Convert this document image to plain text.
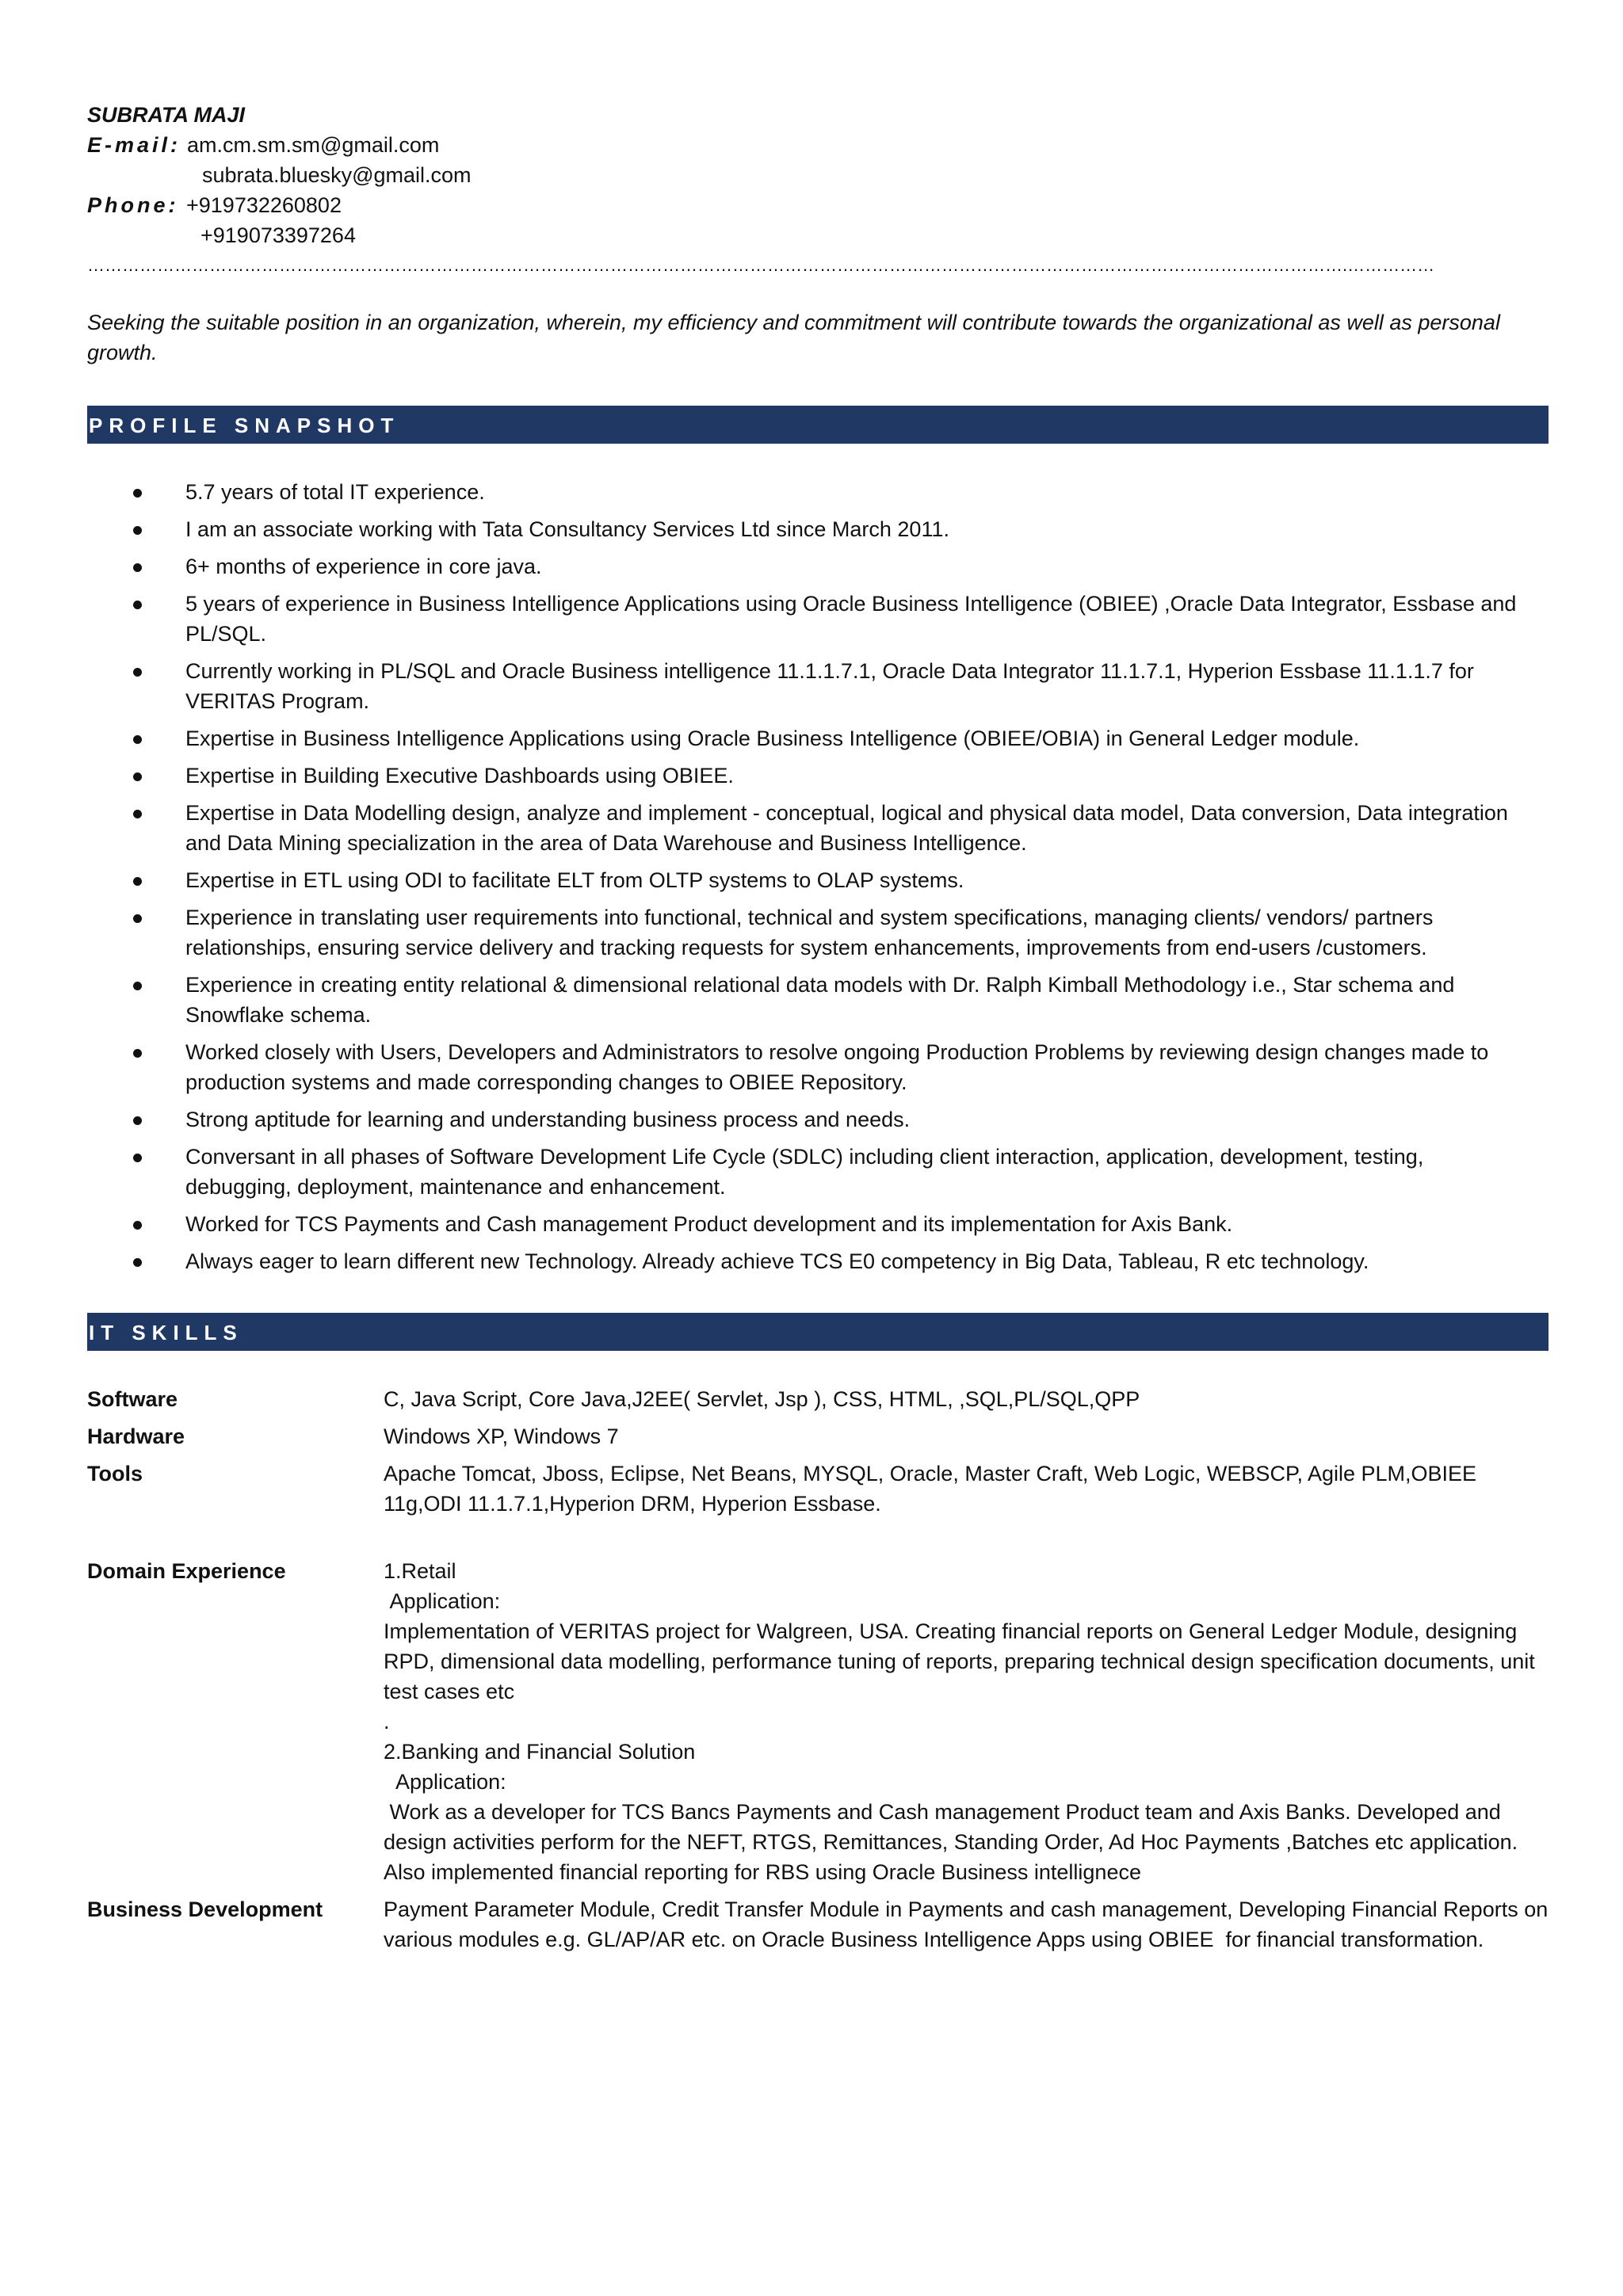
SUBRATA MAJI
E-mail: am.cm.sm.sm@gmail.com
subrata.bluesky@gmail.com
Phone: +919732260802
+919073397264
……………………………………………………………………………………………………………………………………………………………………………………………….……………
Seeking the suitable position in an organization, wherein, my efficiency and commitment will contribute towards the organizational as well as personal growth.
PROFILE SNAPSHOT
5.7 years of total IT experience.
I am an associate working with Tata Consultancy Services Ltd since March 2011.
6+ months of experience in core java.
5 years of experience in Business Intelligence Applications using Oracle Business Intelligence (OBIEE) ,Oracle Data Integrator, Essbase and PL/SQL.
Currently working in PL/SQL and Oracle Business intelligence 11.1.1.7.1, Oracle Data Integrator 11.1.7.1, Hyperion Essbase 11.1.1.7 for VERITAS Program.
Expertise in Business Intelligence Applications using Oracle Business Intelligence (OBIEE/OBIA) in General Ledger module.
Expertise in Building Executive Dashboards using OBIEE.
Expertise in Data Modelling design, analyze and implement - conceptual, logical and physical data model, Data conversion, Data integration and Data Mining specialization in the area of Data Warehouse and Business Intelligence.
Expertise in ETL using ODI to facilitate ELT from OLTP systems to OLAP systems.
Experience in translating user requirements into functional, technical and system specifications, managing clients/ vendors/ partners relationships, ensuring service delivery and tracking requests for system enhancements, improvements from end-users /customers.
Experience in creating entity relational & dimensional relational data models with Dr. Ralph Kimball Methodology i.e., Star schema and Snowflake schema.
Worked closely with Users, Developers and Administrators to resolve ongoing Production Problems by reviewing design changes made to production systems and made corresponding changes to OBIEE Repository.
Strong aptitude for learning and understanding business process and needs.
Conversant in all phases of Software Development Life Cycle (SDLC) including client interaction, application, development, testing, debugging, deployment, maintenance and enhancement.
Worked for TCS Payments and Cash management Product development and its implementation for Axis Bank.
Always eager to learn different new Technology. Already achieve TCS E0 competency in Big Data, Tableau, R etc technology.
IT SKILLS
Software	C, Java Script, Core Java,J2EE( Servlet, Jsp ), CSS, HTML, ,SQL,PL/SQL,QPP
Hardware	Windows XP, Windows 7
Tools	Apache Tomcat, Jboss, Eclipse, Net Beans, MYSQL, Oracle, Master Craft, Web Logic, WEBSCP, Agile PLM,OBIEE 11g,ODI 11.1.7.1,Hyperion DRM, Hyperion Essbase.

Domain Experience	1.Retail
Application:
Implementation of VERITAS project for Walgreen, USA. Creating financial reports on General Ledger Module, designing RPD, dimensional data modelling, performance tuning of reports, preparing technical design specification documents, unit test cases etc
.
2.Banking and Financial Solution
Application:
Work as a developer for TCS Bancs Payments and Cash management Product team and Axis Banks. Developed and design activities perform for the NEFT, RTGS, Remittances, Standing Order, Ad Hoc Payments ,Batches etc application.
Also implemented financial reporting for RBS using Oracle Business intellignece
Business Development	Payment Parameter Module, Credit Transfer Module in Payments and cash management, Developing Financial Reports on various modules e.g. GL/AP/AR etc. on Oracle Business Intelligence Apps using OBIEE  for financial transformation.
